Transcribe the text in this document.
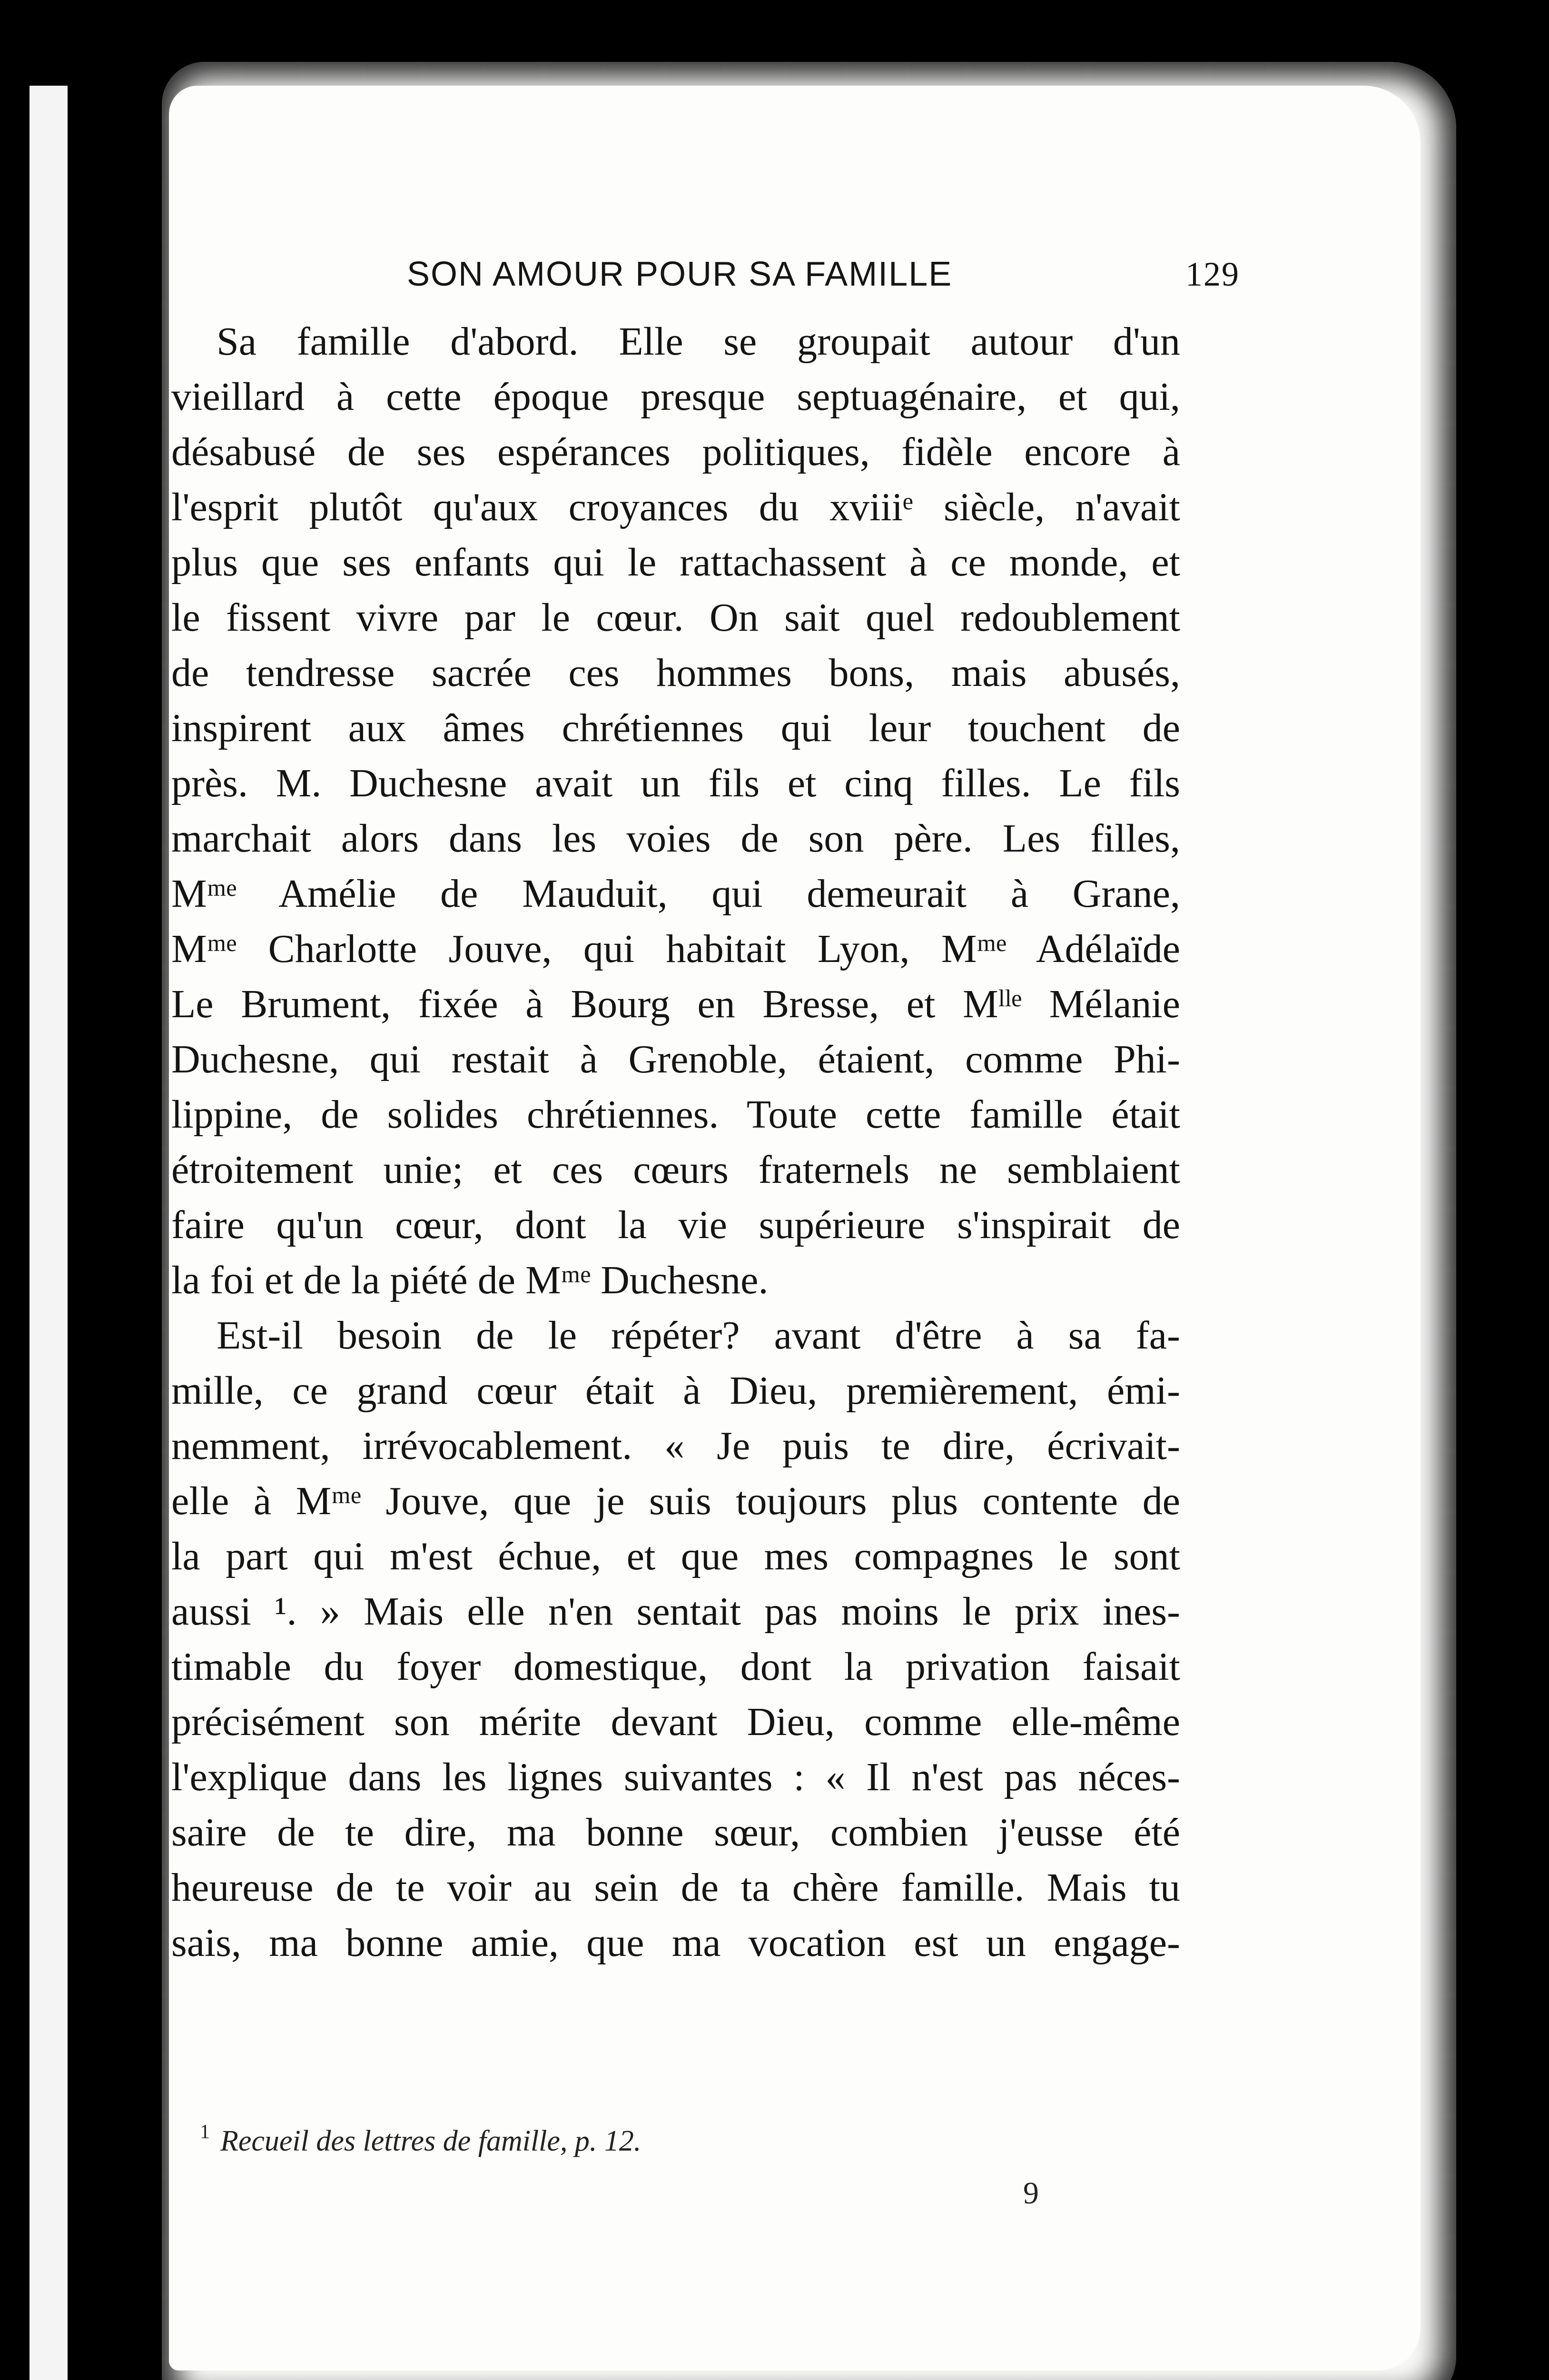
SON AMOUR POUR SA FAMILLE	129
Sa famille d'abord. Elle se groupait autour d'un
vieillard à cette époque presque septuagénaire, et qui,
désabusé de ses espérances politiques, fidèle encore à
l'esprit plutôt qu'aux croyances du xviiiᵉ siècle, n'avait
plus que ses enfants qui le rattachassent à ce monde, et
le fissent vivre par le cœur. On sait quel redoublement
de tendresse sacrée ces hommes bons, mais abusés,
inspirent aux âmes chrétiennes qui leur touchent de
près. M. Duchesne avait un fils et cinq filles. Le fils
marchait alors dans les voies de son père. Les filles,
Mᵐᵉ Amélie de Mauduit, qui demeurait à Grane,
Mᵐᵉ Charlotte Jouve, qui habitait Lyon, Mᵐᵉ Adélaïde
Le Brument, fixée à Bourg en Bresse, et Mˡˡᵉ Mélanie
Duchesne, qui restait à Grenoble, étaient, comme Phi-
lippine, de solides chrétiennes. Toute cette famille était
étroitement unie; et ces cœurs fraternels ne semblaient
faire qu'un cœur, dont la vie supérieure s'inspirait de
la foi et de la piété de Mᵐᵉ Duchesne.
Est-il besoin de le répéter? avant d'être à sa fa-
mille, ce grand cœur était à Dieu, premièrement, émi-
nemment, irrévocablement. « Je puis te dire, écrivait-
elle à Mᵐᵉ Jouve, que je suis toujours plus contente de
la part qui m'est échue, et que mes compagnes le sont
aussi ¹. » Mais elle n'en sentait pas moins le prix ines-
timable du foyer domestique, dont la privation faisait
précisément son mérite devant Dieu, comme elle-même
l'explique dans les lignes suivantes : « Il n'est pas néces-
saire de te dire, ma bonne sœur, combien j'eusse été
heureuse de te voir au sein de ta chère famille. Mais tu
sais, ma bonne amie, que ma vocation est un engage-
$^1$ Recueil des lettres de famille, p. 12.
9
